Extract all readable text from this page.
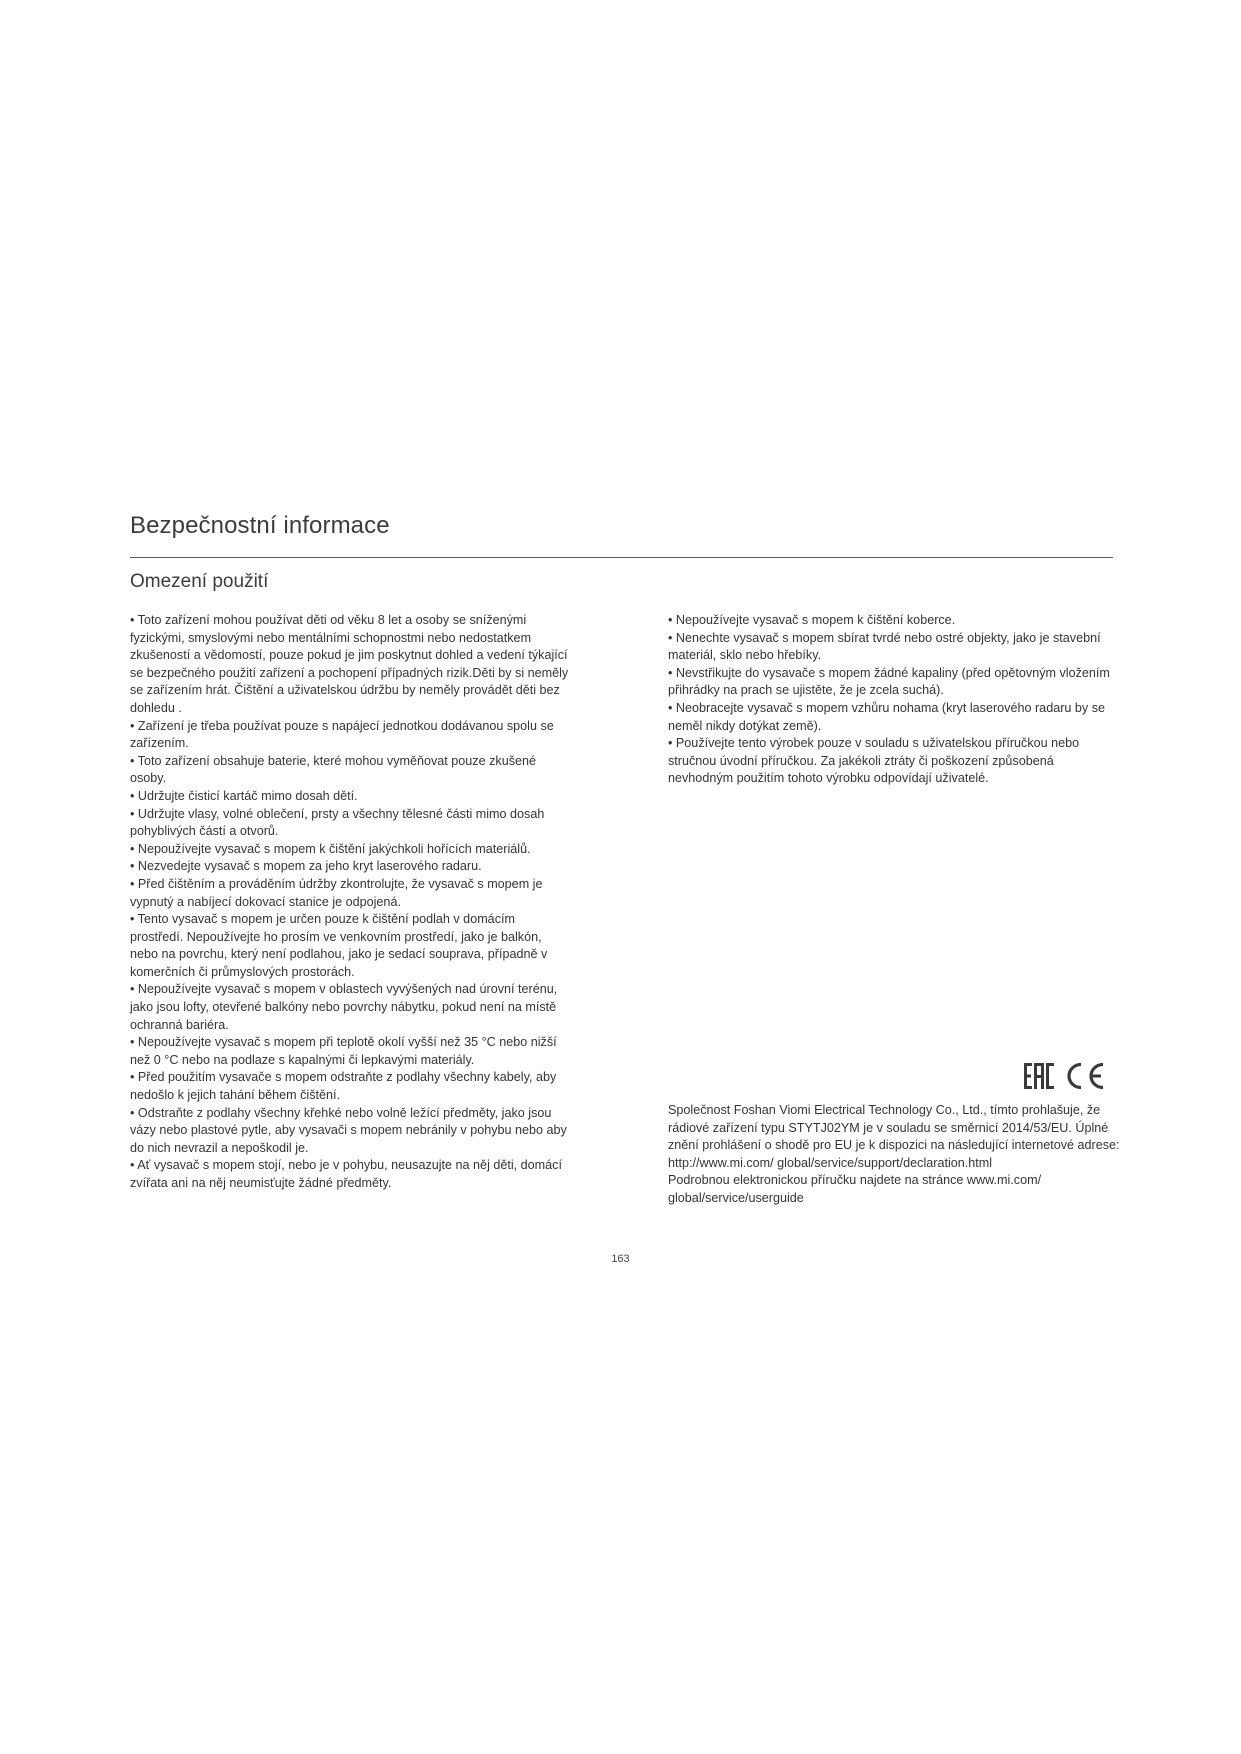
Bezpečnostní informace
Omezení použití

• Toto zařízení mohou používat děti od věku 8 let a osoby se sníženými fyzickými, smyslovými nebo mentálními schopnostmi nebo nedostatkem zkušeností a vědomostí, pouze pokud je jim poskytnut dohled a vedení týkající se bezpečného použití zařízení a pochopení případných rizik.Děti by si neměly se zařízením hrát. Čištění a uživatelskou údržbu by neměly provádět děti bez dohledu .

• Zařízení je třeba používat pouze s napájecí jednotkou dodávanou spolu se zařízením.

• Toto zařízení obsahuje baterie, které mohou vyměňovat pouze zkušené osoby.

• Udržujte čisticí kartáč mimo dosah dětí.

• Udržujte vlasy, volné oblečení, prsty a všechny tělesné části mimo dosah pohyblivých částí a otvorů.

• Nepoužívejte vysavač s mopem k čištění jakýchkoli hořících materiálů.

• Nezvedejte vysavač s mopem za jeho kryt laserového radaru.

• Před čištěním a prováděním údržby zkontrolujte, že vysavač s mopem je vypnutý a nabíjecí dokovací stanice je odpojená.

• Tento vysavač s mopem je určen pouze k čištění podlah v domácím prostředí. Nepoužívejte ho prosím ve venkovním prostředí, jako je balkón, nebo na povrchu, který není podlahou, jako je sedací souprava, případně v komerčních či průmyslových prostorách.

• Nepoužívejte vysavač s mopem v oblastech vyvýšených nad úrovní terénu, jako jsou lofty, otevřené balkóny nebo povrchy nábytku, pokud není na místě ochranná bariéra.

• Nepoužívejte vysavač s mopem při teplotě okolí vyšší než 35 °C nebo nižší než 0 °C nebo na podlaze s kapalnými či lepkavými materiály.

• Před použitím vysavače s mopem odstraňte z podlahy všechny kabely, aby nedošlo k jejich tahání během čištění.

• Odstraňte z podlahy všechny křehké nebo volně ležící předměty, jako jsou vázy nebo plastové pytle, aby vysavači s mopem nebránily v pohybu nebo aby do nich nevrazil a nepoškodil je.

• Ať vysavač s mopem stojí, nebo je v pohybu, neusazujte na něj děti, domácí zvířata ani na něj neumisťujte žádné předměty.

• Nepoužívejte vysavač s mopem k čištění koberce.

• Nenechte vysavač s mopem sbírat tvrdé nebo ostré objekty, jako je stavební materiál, sklo nebo hřebíky.

• Nevstřikujte do vysavače s mopem žádné kapaliny (před opětovným vložením přihrádky na prach se ujistěte, že je zcela suchá).

• Neobracejte vysavač s mopem vzhůru nohama (kryt laserového radaru by se neměl nikdy dotýkat země).

• Používejte tento výrobek pouze v souladu s uživatelskou příručkou nebo stručnou úvodní příručkou. Za jakékoli ztráty či poškození způsobená nevhodným použitím tohoto výrobku odpovídají uživatelé.

Společnost Foshan Viomi Electrical Technology Co., Ltd., tímto prohlašuje, že rádiové zařízení typu STYTJ02YM je v souladu se směrnicí 2014/53/EU. Úplné znění prohlášení o shodě pro EU je k dispozici na následující internetové adrese: http://www.mi.com/ global/service/support/declaration.html

Podrobnou elektronickou příručku najdete na stránce www.mi.com/ global/service/userguide

163
